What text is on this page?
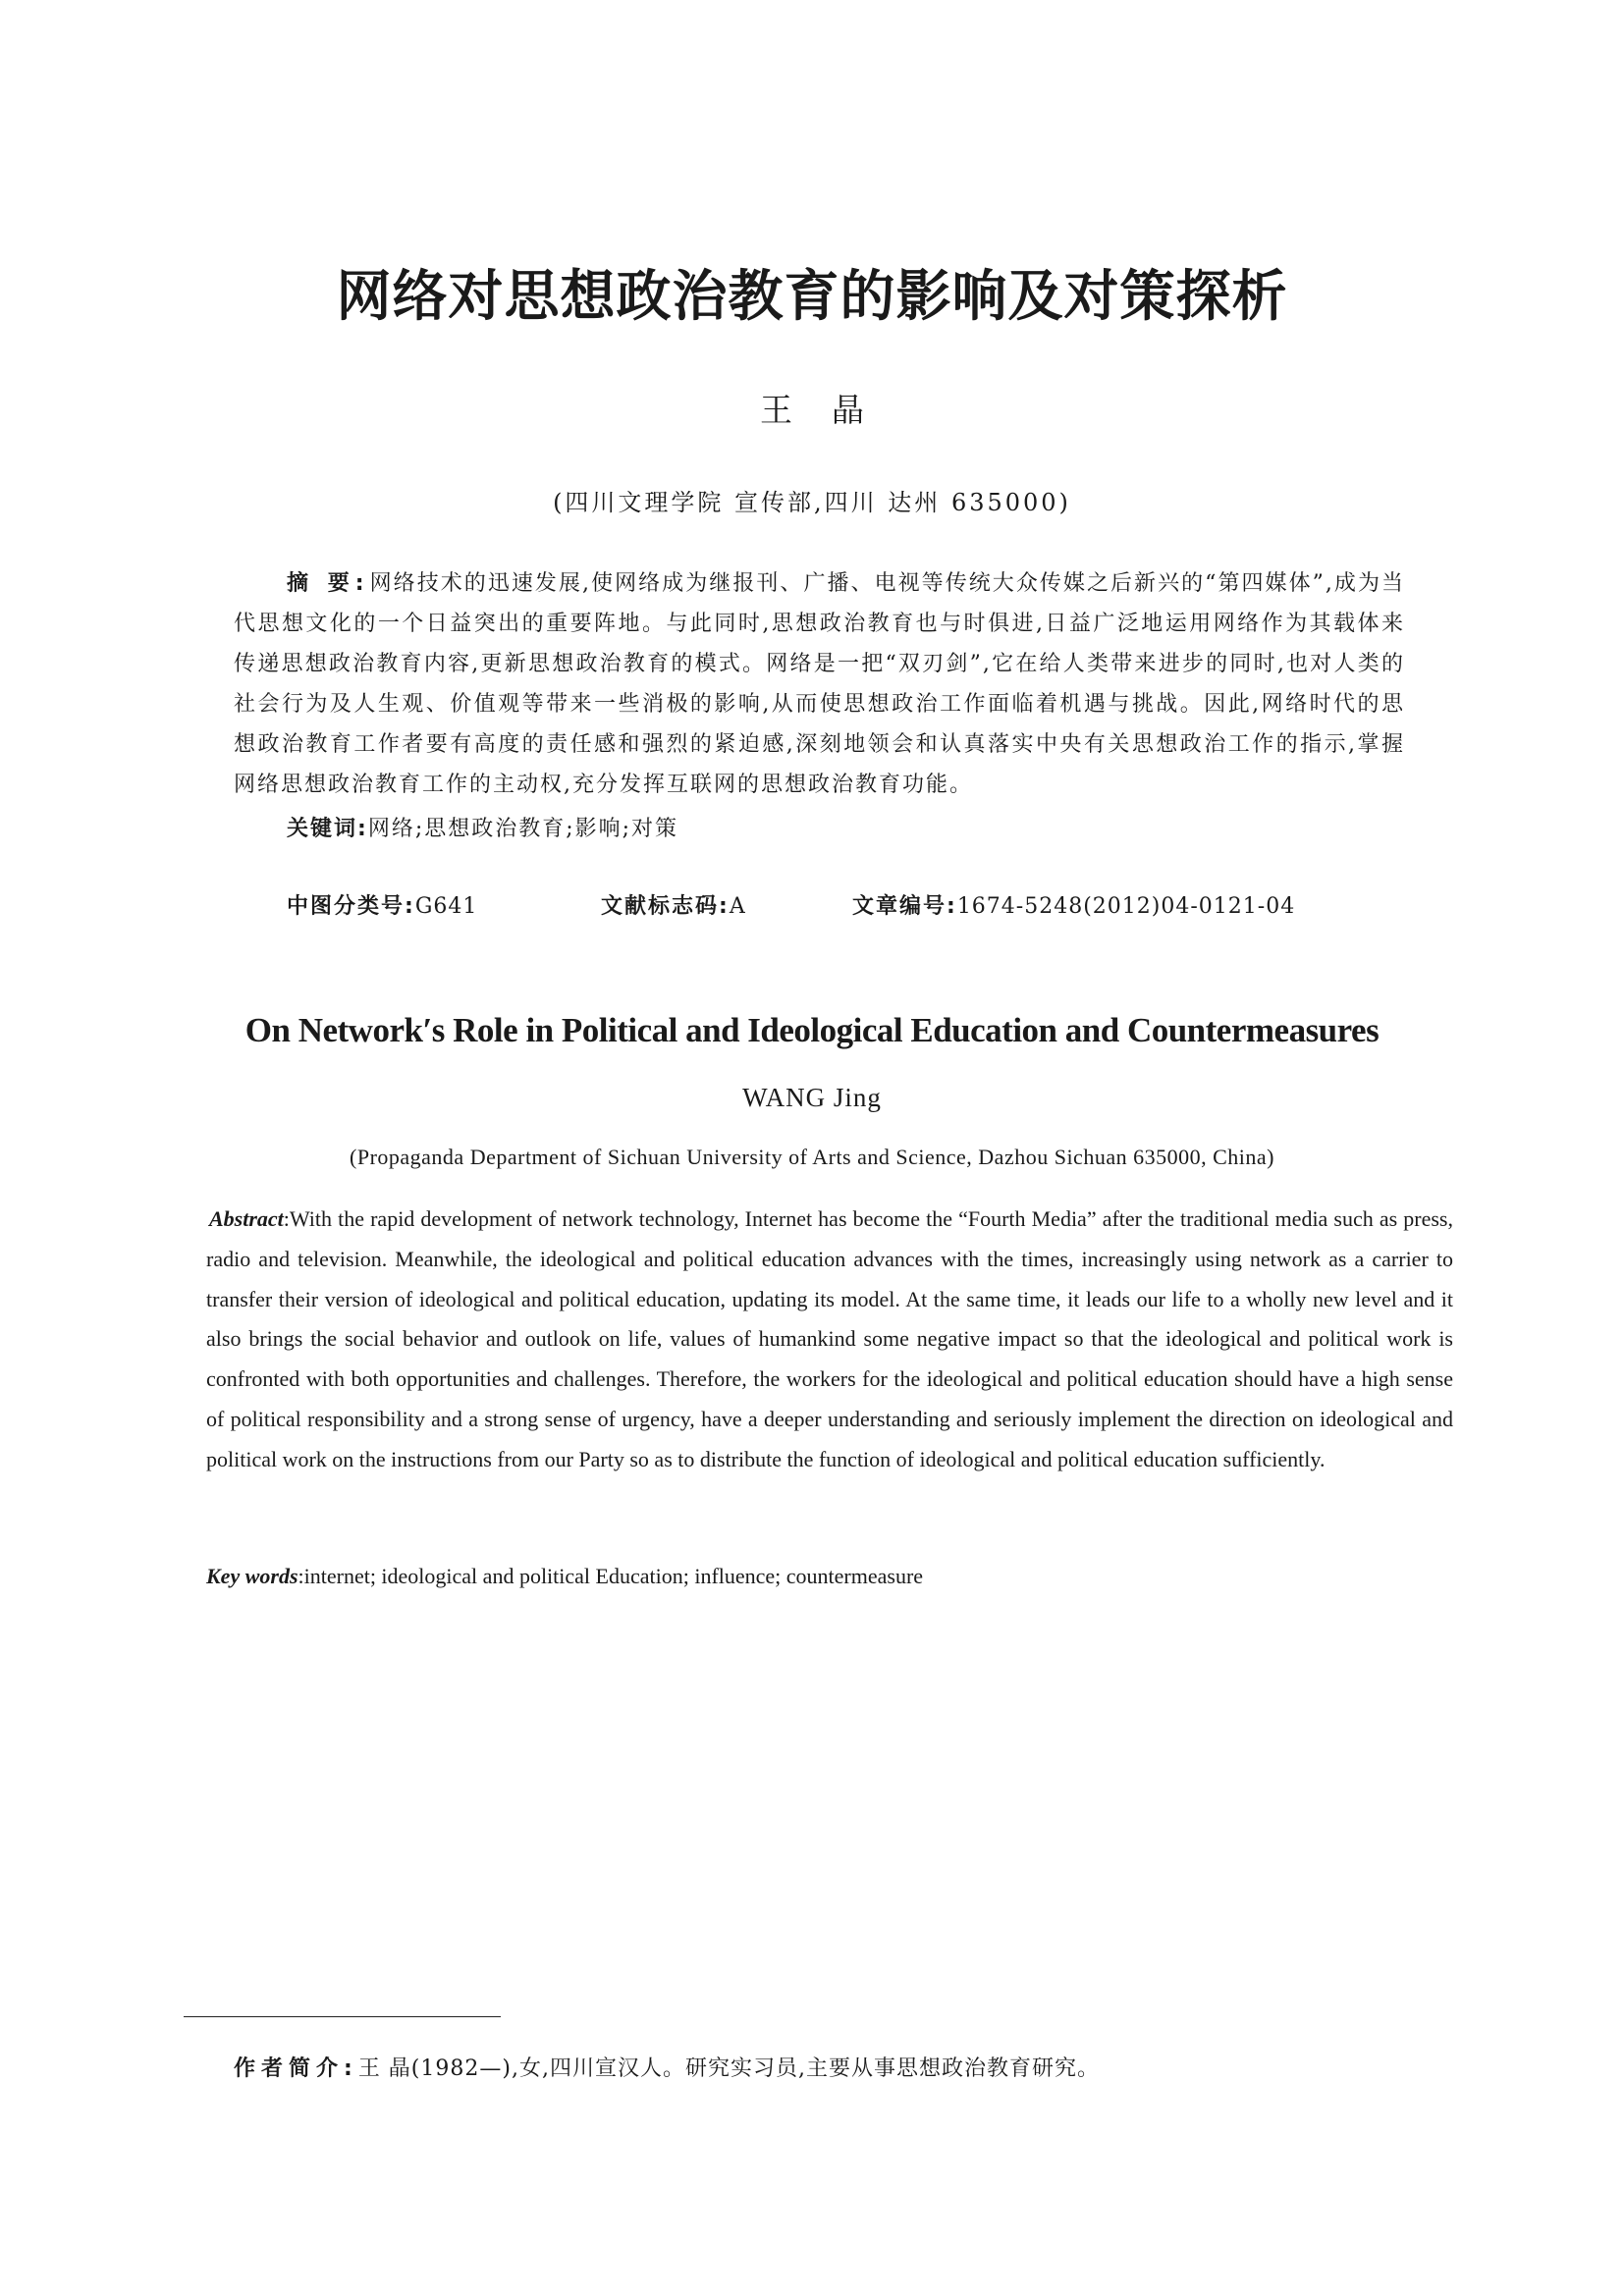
网络对思想政治教育的影响及对策探析
王晶
(四川文理学院 宣传部,四川 达州 635000)
摘 要:网络技术的迅速发展,使网络成为继报刊、广播、电视等传统大众传媒之后新兴的“第四媒体”,成为当代思想文化的一个日益突出的重要阵地。与此同时,思想政治教育也与时俱进,日益广泛地运用网络作为其载体来传递思想政治教育内容,更新思想政治教育的模式。网络是一把“双刃剑”,它在给人类带来进步的同时,也对人类的社会行为及人生观、价值观等带来一些消极的影响,从而使思想政治工作面临着机遇与挑战。因此,网络时代的思想政治教育工作者要有高度的责任感和强烈的紧迫感,深刻地领会和认真落实中央有关思想政治工作的指示,掌握网络思想政治教育工作的主动权,充分发挥互联网的思想政治教育功能。
关键词:网络;思想政治教育;影响;对策
中图分类号:G641	文献标志码:A	文章编号:1674-5248(2012)04-0121-04
On Network′s Role in Political and Ideological Education and Countermeasures
WANG Jing
(Propaganda Department of Sichuan University of Arts and Science, Dazhou Sichuan 635000, China)
Abstract:With the rapid development of network technology, Internet has become the “Fourth Media” after the traditional media such as press, radio and television. Meanwhile, the ideological and political education advances with the times, increasingly using network as a carrier to transfer their version of ideological and political education, updating its model. At the same time, it leads our life to a wholly new level and it also brings the social behavior and outlook on life, values of humankind some negative impact so that the ideological and political work is confronted with both opportunities and challenges. Therefore, the workers for the ideological and political education should have a high sense of political responsibility and a strong sense of urgency, have a deeper understanding and seriously implement the direction on ideological and political work on the instructions from our Party so as to distribute the function of ideological and political education sufficiently.
Key words:internet; ideological and political Education; influence; countermeasure
作者简介:王 晶(1982—),女,四川宣汉人。研究实习员,主要从事思想政治教育研究。
